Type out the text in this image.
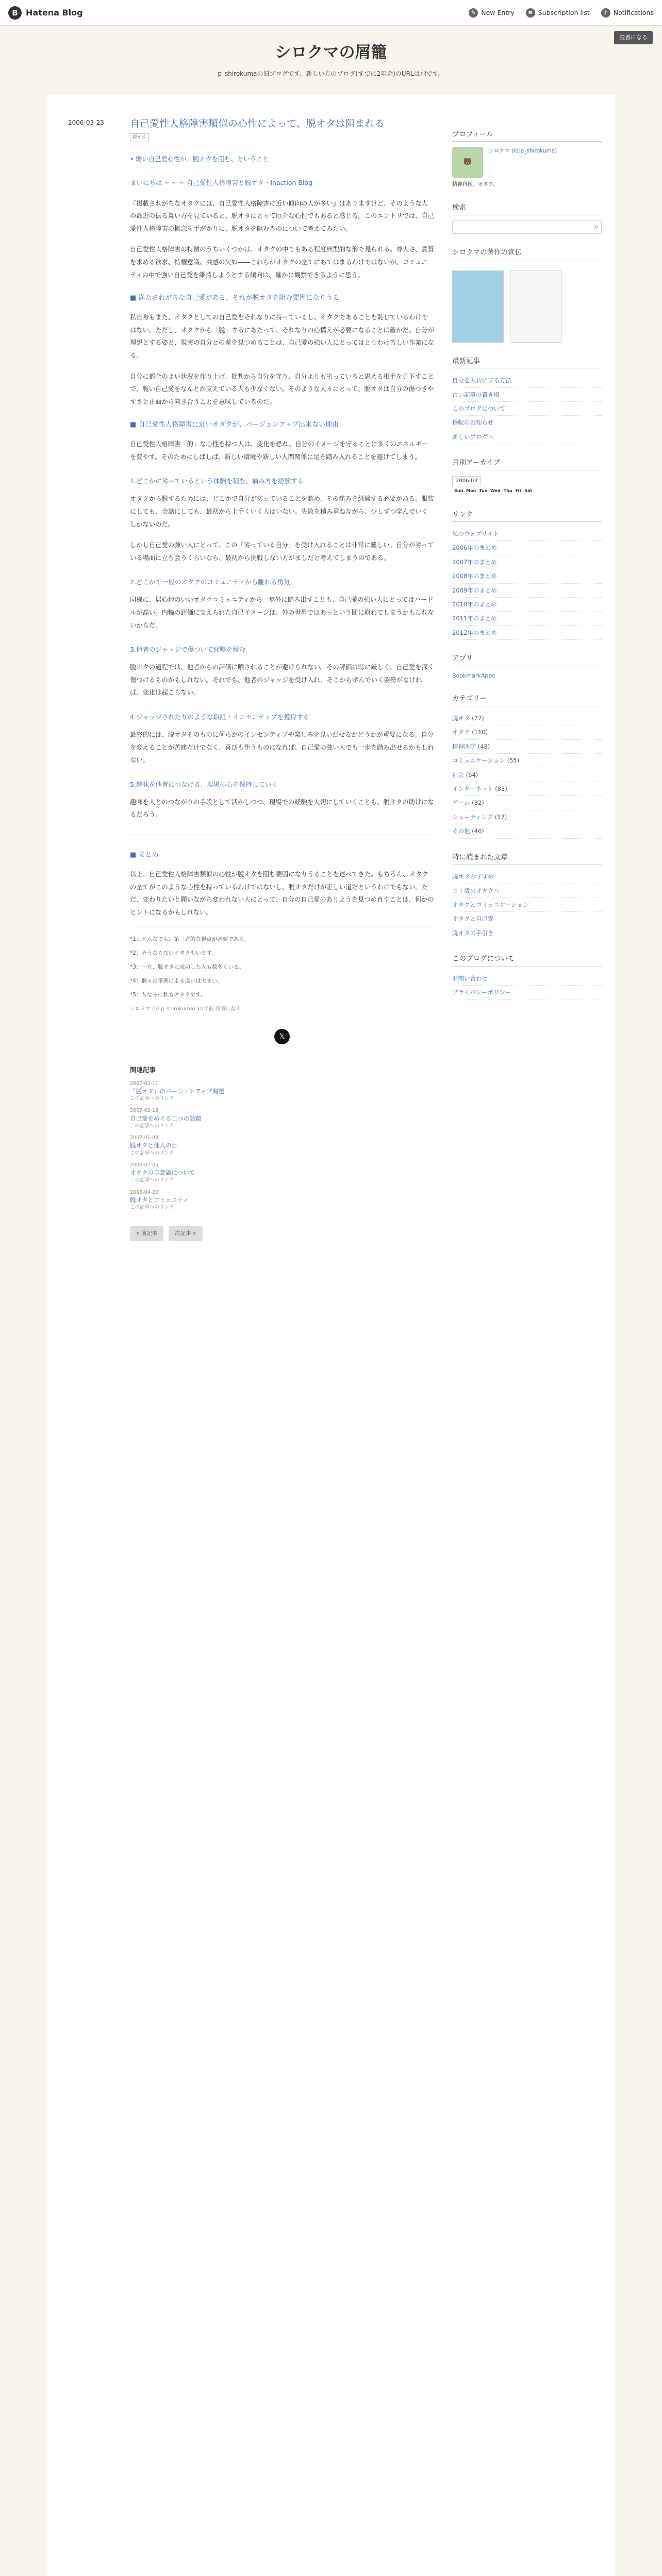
B Hatena Blog	✎ New Entry	≡ Subscription list	♪ Notifications
読者になる
シロクマの屑籠

p_shirokumaの旧ブログです。新しい方のブログ(すでに2年余)のURLは別です。

2006-03-23	自己愛性人格障害類似の心性によって、脱オタは阻まれる
脱オタ
• 弱い自己愛心性が、脱オタを阻む、ということ

まいにちは ~ ~ ~ 自己愛性人格障害と脱オタ・Inaction Blog

『掲載されがちなオタクには、自己愛性人格障害に近い傾向の人が多い』はありますけど、そのような人の最近の振る舞い方を見ていると、脱オタにとって厄介な心性でもあると感じる。このエントリでは、自己愛性人格障害の概念を手がかりに、脱オタを阻むものについて考えてみたい。

自己愛性人格障害の特徴のうちいくつかは、オタクの中でもある程度典型的な形で見られる。尊大さ、賞賛を求める欲求、特権意識、共感の欠如——これらがオタクの全てにあてはまるわけではないが、コミュニティの中で強い自己愛を維持しようとする傾向は、確かに観察できるように思う。

■ 満たされがちな自己愛がある、それが脱オタを阻む要因になりうる

私自身もまた、オタクとしての自己愛をそれなりに持っているし、オタクであることを恥じているわけではない。ただし、オタクから「脱」するにあたって、それなりの心構えが必要になることは確かだ。自分が理想とする姿と、現実の自分との差を見つめることは、自己愛の強い人にとってはとりわけ苦しい作業になる。

自分に都合のよい状況を作り上げ、批判から自分を守り、自分よりも劣っていると思える相手を見下すことで、脆い自己愛をなんとか支えている人も少なくない。そのような人々にとって、脱オタは自分の傷つきやすさと正面から向き合うことを意味しているのだ。

■ 自己愛性人格障害に近いオタクが、バージョンアップ出来ない理由

自己愛性人格障害「的」な心性を持つ人は、変化を恐れ、自分のイメージを守ることに多くのエネルギーを費やす。そのためにしばしば、新しい環境や新しい人間関係に足を踏み入れることを避けてしまう。

1.どこかに劣っているという体験を積む、痛み方を経験する

オタクから脱するためには、どこかで自分が劣っていることを認め、その痛みを経験する必要がある。服装にしても、会話にしても、最初から上手くいく人はいない。失敗を積み重ねながら、少しずつ学んでいくしかないのだ。

しかし自己愛の強い人にとって、この「劣っている自分」を受け入れることは非常に難しい。自分が劣っている場面に立ち会うくらいなら、最初から挑戦しない方がましだと考えてしまうのである。

2.どこかで一般のオタクのコミュニティから離れる勇気

同様に、居心地のいいオタクコミュニティから一歩外に踏み出すことも、自己愛の強い人にとってはハードルが高い。内輪の評価に支えられた自己イメージは、外の世界ではあっという間に崩れてしまうかもしれないからだ。

3.他者のジャッジで傷ついて経験を積む

脱オタの過程では、他者からの評価に晒されることが避けられない。その評価は時に厳しく、自己愛を深く傷つけるものかもしれない。それでも、他者のジャッジを受け入れ、そこから学んでいく姿勢がなければ、変化は起こらない。

4.ジャッジされたりのような取組・インセンティブを獲得する

最終的には、脱オタそのものに何らかのインセンティブや楽しみを見いだせるかどうかが重要になる。自分を変えることが苦痛だけでなく、喜びも伴うものになれば、自己愛の強い人でも一歩を踏み出せるかもしれない。

5.趣味を他者につなげる、現場の心を保持していく

趣味を人とのつながりの手段として活かしつつ、現場での経験を大切にしていくことも、脱オタの助けになるだろう。

■ まとめ

以上、自己愛性人格障害類似の心性が脱オタを阻む要因になりうることを述べてきた。もちろん、オタクの全てがこのような心性を持っているわけではないし、脱オタだけが正しい道だというわけでもない。ただ、変わりたいと願いながら変われない人にとって、自分の自己愛のありようを見つめ直すことは、何かのヒントになるかもしれない。

*1：どんなでも、第三者的な視点が必要である。

*2：そうならないオタクもいます。

*3：一方、脱オタに成功した人も数多くいる。

*4：個々の事例による違いは大きい。

*5：ちなみに私もオタクです。

シロクマ (id:p_shirokuma) 10年前 読者になる

𝕏
関連記事
2007-02-11
「脱オタ」のバージョンアップ問題
この記事へのリンク
2007-02-13
自己愛をめぐる二つの話題
この記事へのリンク
2007-01-08
脱オタと他人の目
この記事へのリンク
2006-07-05
オタクの自意識について
この記事へのリンク
2006-04-20
脱オタとコミュニティ
この記事へのリンク
« 前記事	次記事 »
プロフィール
🐻
シロクマ (id:p_shirokuma)

精神科医。オタク。

検索
⌕
シロクマの著作の宣伝
最新記事
自分を大切にする方法
古い記事の置き場
このブログについて
移転のお知らせ
新しいブログへ
月別アーカイブ
2006-03
Sun	Mon	Tue	Wed	Thu	Fri	Sat
リンク
私のウェブサイト
2006年のまとめ
2007年のまとめ
2008年のまとめ
2009年のまとめ
2010年のまとめ
2011年のまとめ
2012年のまとめ
アプリ

BookmarkApps

カテゴリー
脱オタ (77)
オタク (110)
精神医学 (48)
コミュニケーション (55)
社会 (64)
インターネット (83)
ゲーム (32)
シューティング (17)
その他 (40)
特に読まれた文章
脱オタのすすめ
ニ十歳のオタクへ
オタクとコミュニケーション
オタクと自己愛
脱オタの手引き
このブログについて
お問い合わせ
プライバシーポリシー
